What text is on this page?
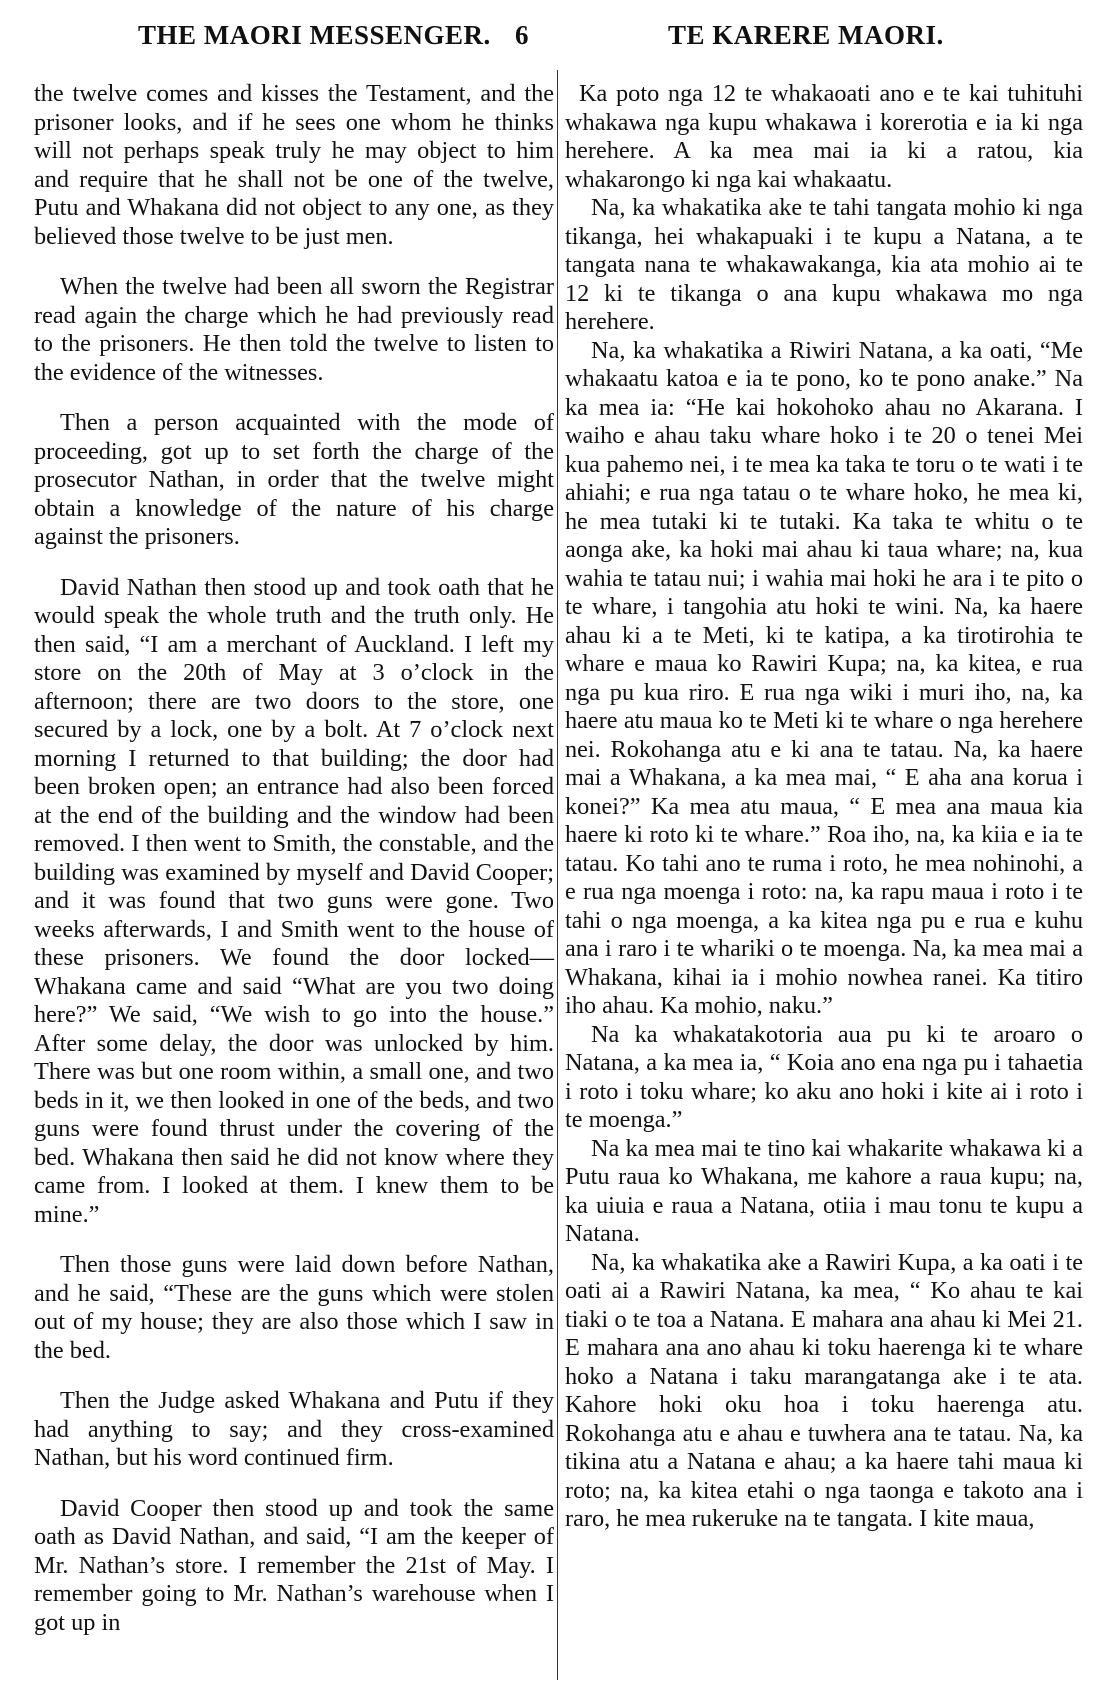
THE MAORI MESSENGER. 6	TE KARERE MAORI.

the twelve comes and kisses the Testament, and the prisoner looks, and if he sees one whom he thinks will not perhaps speak truly he may object to him and require that he shall not be one of the twelve, Putu and Whakana did not object to any one, as they believed those twelve to be just men.

When the twelve had been all sworn the Registrar read again the charge which he had previously read to the prisoners. He then told the twelve to listen to the evidence of the witnesses.

Then a person acquainted with the mode of proceeding, got up to set forth the charge of the prosecutor Nathan, in order that the twelve might obtain a knowledge of the nature of his charge against the prisoners.

David Nathan then stood up and took oath that he would speak the whole truth and the truth only. He then said, “I am a merchant of Auckland. I left my store on the 20th of May at 3 o’clock in the afternoon; there are two doors to the store, one secured by a lock, one by a bolt. At 7 o’clock next morning I returned to that building; the door had been broken open; an entrance had also been forced at the end of the building and the window had been removed. I then went to Smith, the constable, and the building was examined by myself and David Cooper; and it was found that two guns were gone. Two weeks afterwards, I and Smith went to the house of these prisoners. We found the door locked—Whakana came and said “What are you two doing here?” We said, “We wish to go into the house.” After some delay, the door was unlocked by him. There was but one room within, a small one, and two beds in it, we then looked in one of the beds, and two guns were found thrust under the covering of the bed. Whakana then said he did not know where they came from. I looked at them. I knew them to be mine.”

Then those guns were laid down before Nathan, and he said, “These are the guns which were stolen out of my house; they are also those which I saw in the bed.

Then the Judge asked Whakana and Putu if they had anything to say; and they cross-examined Nathan, but his word continued firm.

David Cooper then stood up and took the same oath as David Nathan, and said, “I am the keeper of Mr. Nathan’s store. I remember the 21st of May. I remember going to Mr. Nathan’s warehouse when I got up in

Ka poto nga 12 te whakaoati ano e te kai tuhituhi whakawa nga kupu whakawa i korerotia e ia ki nga herehere. A ka mea mai ia ki a ratou, kia whakarongo ki nga kai whakaatu.

Na, ka whakatika ake te tahi tangata mohio ki nga tikanga, hei whakapuaki i te kupu a Natana, a te tangata nana te whakawakanga, kia ata mohio ai te 12 ki te tikanga o ana kupu whakawa mo nga herehere.

Na, ka whakatika a Riwiri Natana, a ka oati, “Me whakaatu katoa e ia te pono, ko te pono anake.” Na ka mea ia: “He kai hokohoko ahau no Akarana. I waiho e ahau taku whare hoko i te 20 o tenei Mei kua pahemo nei, i te mea ka taka te toru o te wati i te ahiahi; e rua nga tatau o te whare hoko, he mea ki, he mea tutaki ki te tutaki. Ka taka te whitu o te aonga ake, ka hoki mai ahau ki taua whare; na, kua wahia te tatau nui; i wahia mai hoki he ara i te pito o te whare, i tangohia atu hoki te wini. Na, ka haere ahau ki a te Meti, ki te katipa, a ka tirotirohia te whare e maua ko Rawiri Kupa; na, ka kitea, e rua nga pu kua riro. E rua nga wiki i muri iho, na, ka haere atu maua ko te Meti ki te whare o nga herehere nei. Rokohanga atu e ki ana te tatau. Na, ka haere mai a Whakana, a ka mea mai, “ E aha ana korua i konei?” Ka mea atu maua, “ E mea ana maua kia haere ki roto ki te whare.” Roa iho, na, ka kiia e ia te tatau. Ko tahi ano te ruma i roto, he mea nohinohi, a e rua nga moenga i roto: na, ka rapu maua i roto i te tahi o nga moenga, a ka kitea nga pu e rua e kuhu ana i raro i te whariki o te moenga. Na, ka mea mai a Whakana, kihai ia i mohio nowhea ranei. Ka titiro iho ahau. Ka mohio, naku.”

Na ka whakatakotoria aua pu ki te aroaro o Natana, a ka mea ia, “ Koia ano ena nga pu i tahaetia i roto i toku whare; ko aku ano hoki i kite ai i roto i te moenga.”

Na ka mea mai te tino kai whakarite whakawa ki a Putu raua ko Whakana, me kahore a raua kupu; na, ka uiuia e raua a Natana, otiia i mau tonu te kupu a Natana.

Na, ka whakatika ake a Rawiri Kupa, a ka oati i te oati ai a Rawiri Natana, ka mea, “ Ko ahau te kai tiaki o te toa a Natana. E mahara ana ahau ki Mei 21. E mahara ana ano ahau ki toku haerenga ki te whare hoko a Natana i taku marangatanga ake i te ata. Kahore hoki oku hoa i toku haerenga atu. Rokohanga atu e ahau e tuwhera ana te tatau. Na, ka tikina atu a Natana e ahau; a ka haere tahi maua ki roto; na, ka kitea etahi o nga taonga e takoto ana i raro, he mea rukeruke na te tangata. I kite maua,
